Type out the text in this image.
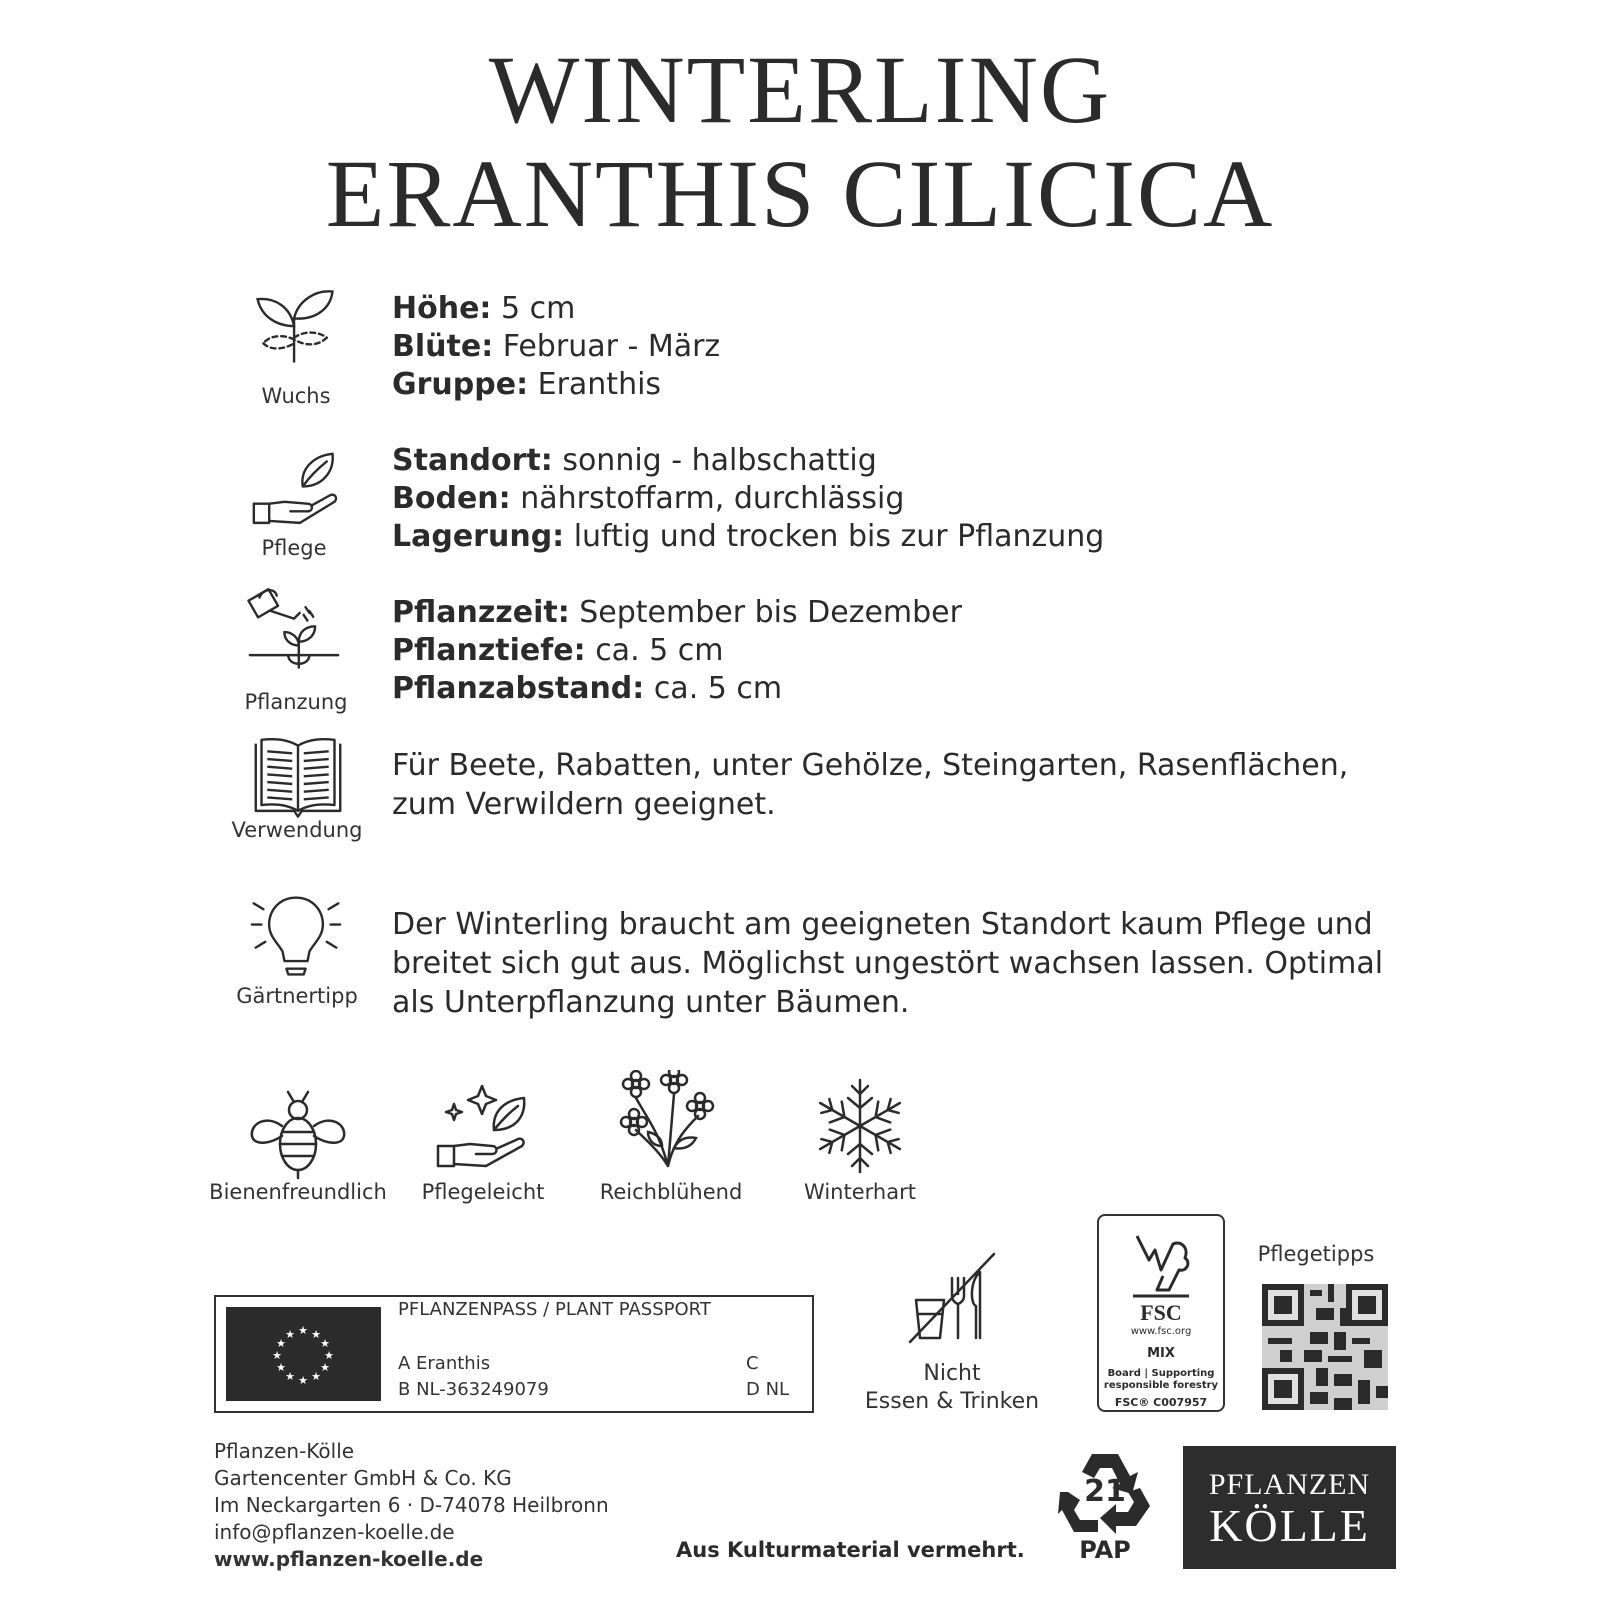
WINTERLING
ERANTHIS CILICICA
Wuchs
Höhe: 5 cm
Blüte: Februar - März
Gruppe: Eranthis
Pflege
Standort: sonnig - halbschattig
Boden: nährstoffarm, durchlässig
Lagerung: luftig und trocken bis zur Pflanzung
Pflanzung
Pflanzzeit: September bis Dezember
Pflanztiefe: ca. 5 cm
Pflanzabstand: ca. 5 cm
Verwendung
Für Beete, Rabatten, unter Gehölze, Steingarten, Rasenflächen, zum Verwildern geeignet.
Gärtnertipp
Der Winterling braucht am geeigneten Standort kaum Pflege und breitet sich gut aus. Möglichst ungestört wachsen lassen. Optimal als Unterpflanzung unter Bäumen.
Bienenfreundlich	Pflegeleicht	Reichblühend	Winterhart
★ ★
★
★
★
★
★
★
★
★
★
★
PFLANZENPASS / PLANT PASSPORT
A Eranthis
B NL-363249079
C
D NL
Nicht
Essen & Trinken
FSC
www.fsc.org
MIX
Board | Supporting
responsible forestry
FSC® C007957
Pflegetipps
Pflanzen-Kölle
Gartencenter GmbH & Co. KG
Im Neckargarten 6 · D-74078 Heilbronn
info@pflanzen-koelle.de
www.pflanzen-koelle.de	Aus Kulturmaterial vermehrt.
21
PAP
PFLANZEN
KÖLLE
